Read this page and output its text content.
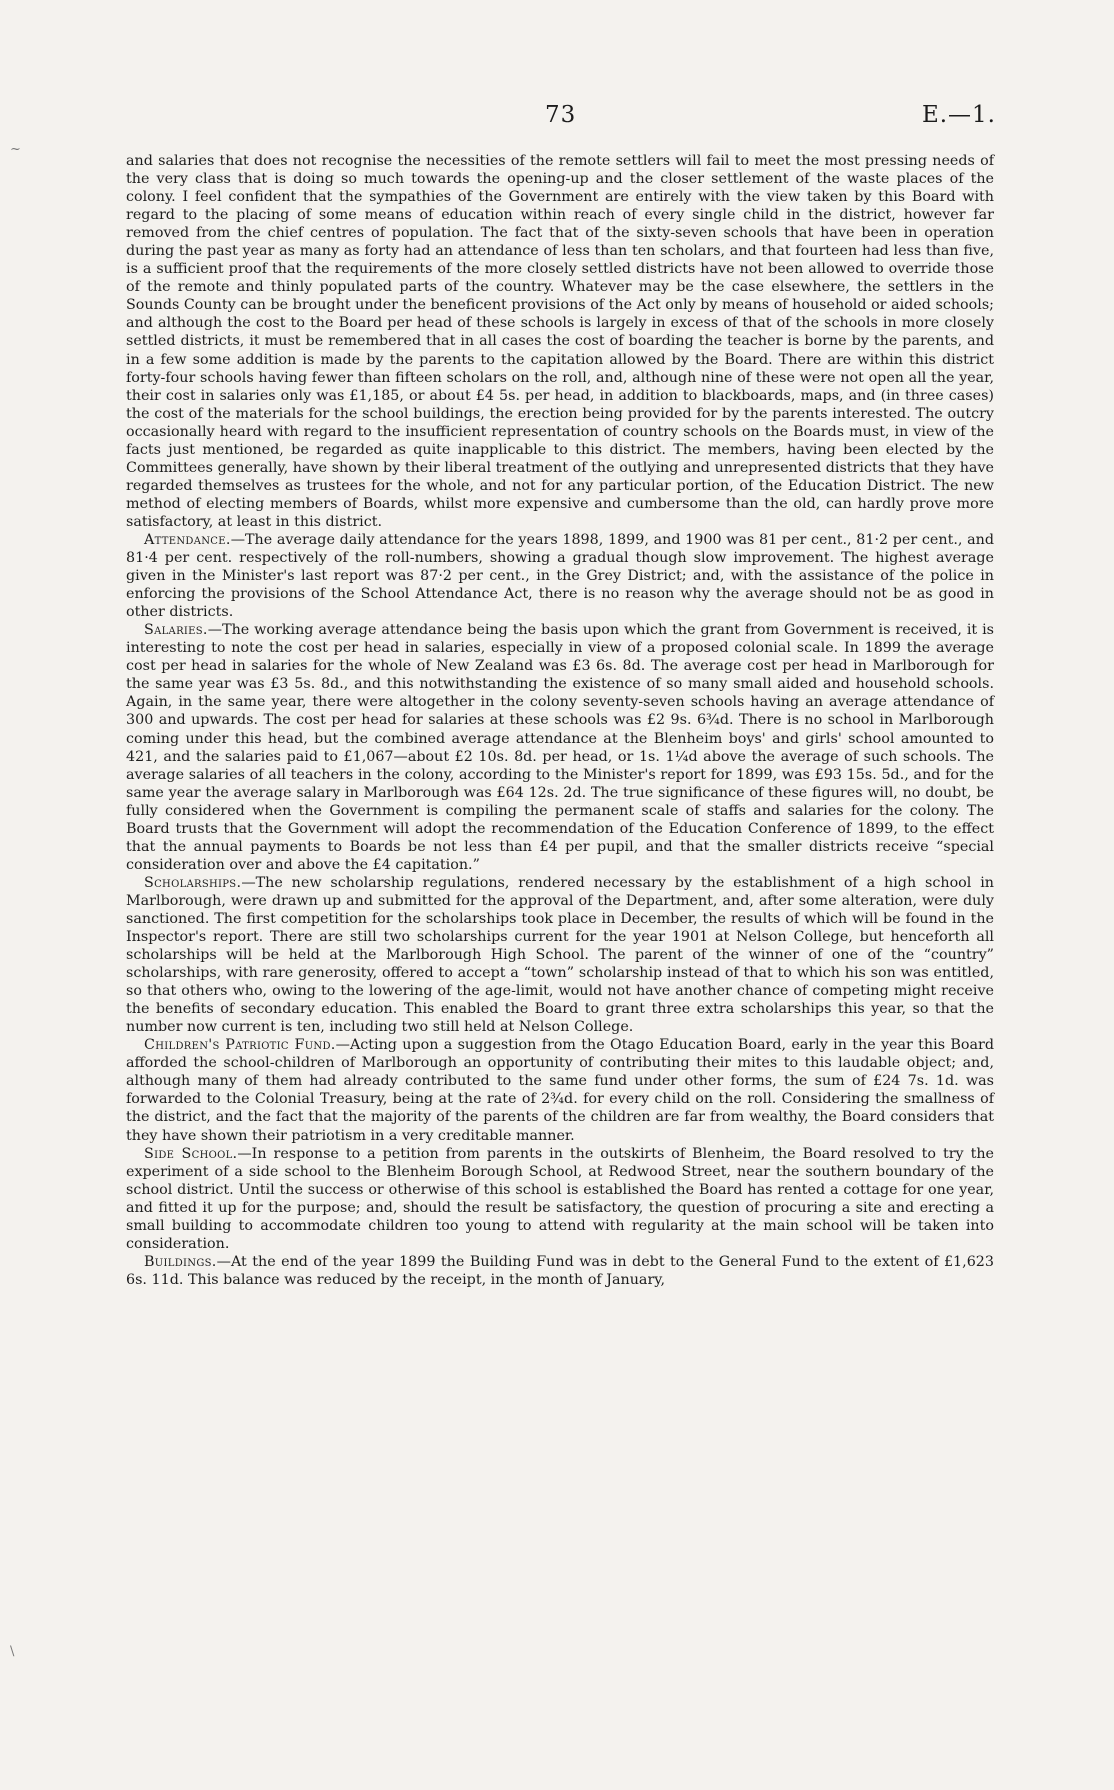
73	E.—1.
~
\

and salaries that does not recognise the necessities of the remote settlers will fail to meet the most pressing needs of the very class that is doing so much towards the opening-up and the closer settlement of the waste places of the colony. I feel confident that the sympathies of the Government are entirely with the view taken by this Board with regard to the placing of some means of education within reach of every single child in the district, however far removed from the chief centres of population. The fact that of the sixty-seven schools that have been in operation during the past year as many as forty had an attendance of less than ten scholars, and that fourteen had less than five, is a sufficient proof that the requirements of the more closely settled districts have not been allowed to override those of the remote and thinly populated parts of the country. Whatever may be the case elsewhere, the settlers in the Sounds County can be brought under the beneficent provisions of the Act only by means of household or aided schools; and although the cost to the Board per head of these schools is largely in excess of that of the schools in more closely settled districts, it must be remembered that in all cases the cost of boarding the teacher is borne by the parents, and in a few some addition is made by the parents to the capitation allowed by the Board. There are within this district forty-four schools having fewer than fifteen scholars on the roll, and, although nine of these were not open all the year, their cost in salaries only was £1,185, or about £4 5s. per head, in addition to blackboards, maps, and (in three cases) the cost of the materials for the school buildings, the erection being provided for by the parents interested. The outcry occasionally heard with regard to the insufficient representation of country schools on the Boards must, in view of the facts just mentioned, be regarded as quite inapplicable to this district. The members, having been elected by the Committees generally, have shown by their liberal treatment of the outlying and unrepresented districts that they have regarded themselves as trustees for the whole, and not for any particular portion, of the Education District. The new method of electing members of Boards, whilst more expensive and cumbersome than the old, can hardly prove more satisfactory, at least in this district.

Attendance.—The average daily attendance for the years 1898, 1899, and 1900 was 81 per cent., 81·2 per cent., and 81·4 per cent. respectively of the roll-numbers, showing a gradual though slow improvement. The highest average given in the Minister's last report was 87·2 per cent., in the Grey District; and, with the assistance of the police in enforcing the provisions of the School Attendance Act, there is no reason why the average should not be as good in other districts.

Salaries.—The working average attendance being the basis upon which the grant from Government is received, it is interesting to note the cost per head in salaries, especially in view of a proposed colonial scale. In 1899 the average cost per head in salaries for the whole of New Zealand was £3 6s. 8d. The average cost per head in Marlborough for the same year was £3 5s. 8d., and this notwithstanding the existence of so many small aided and household schools. Again, in the same year, there were altogether in the colony seventy-seven schools having an average attendance of 300 and upwards. The cost per head for salaries at these schools was £2 9s. 6¾d. There is no school in Marlborough coming under this head, but the combined average attendance at the Blenheim boys' and girls' school amounted to 421, and the salaries paid to £1,067—about £2 10s. 8d. per head, or 1s. 1¼d above the average of such schools. The average salaries of all teachers in the colony, according to the Minister's report for 1899, was £93 15s. 5d., and for the same year the average salary in Marlborough was £64 12s. 2d. The true significance of these figures will, no doubt, be fully considered when the Government is compiling the permanent scale of staffs and salaries for the colony. The Board trusts that the Government will adopt the recommendation of the Education Conference of 1899, to the effect that the annual payments to Boards be not less than £4 per pupil, and that the smaller districts receive “special consideration over and above the £4 capitation.”

Scholarships.—The new scholarship regulations, rendered necessary by the establishment of a high school in Marlborough, were drawn up and submitted for the approval of the Department, and, after some alteration, were duly sanctioned. The first competition for the scholarships took place in December, the results of which will be found in the Inspector's report. There are still two scholarships current for the year 1901 at Nelson College, but henceforth all scholarships will be held at the Marlborough High School. The parent of the winner of one of the “country” scholarships, with rare generosity, offered to accept a “town” scholarship instead of that to which his son was entitled, so that others who, owing to the lowering of the age-limit, would not have another chance of competing might receive the benefits of secondary education. This enabled the Board to grant three extra scholarships this year, so that the number now current is ten, including two still held at Nelson College.

Children's Patriotic Fund.—Acting upon a suggestion from the Otago Education Board, early in the year this Board afforded the school-children of Marlborough an opportunity of contributing their mites to this laudable object; and, although many of them had already contributed to the same fund under other forms, the sum of £24 7s. 1d. was forwarded to the Colonial Treasury, being at the rate of 2¾d. for every child on the roll. Considering the smallness of the district, and the fact that the majority of the parents of the children are far from wealthy, the Board considers that they have shown their patriotism in a very creditable manner.

Side School.—In response to a petition from parents in the outskirts of Blenheim, the Board resolved to try the experiment of a side school to the Blenheim Borough School, at Redwood Street, near the southern boundary of the school district. Until the success or otherwise of this school is established the Board has rented a cottage for one year, and fitted it up for the purpose; and, should the result be satisfactory, the question of procuring a site and erecting a small building to accommodate children too young to attend with regularity at the main school will be taken into consideration.

Buildings.—At the end of the year 1899 the Building Fund was in debt to the General Fund to the extent of £1,623 6s. 11d. This balance was reduced by the receipt, in the month of January,
